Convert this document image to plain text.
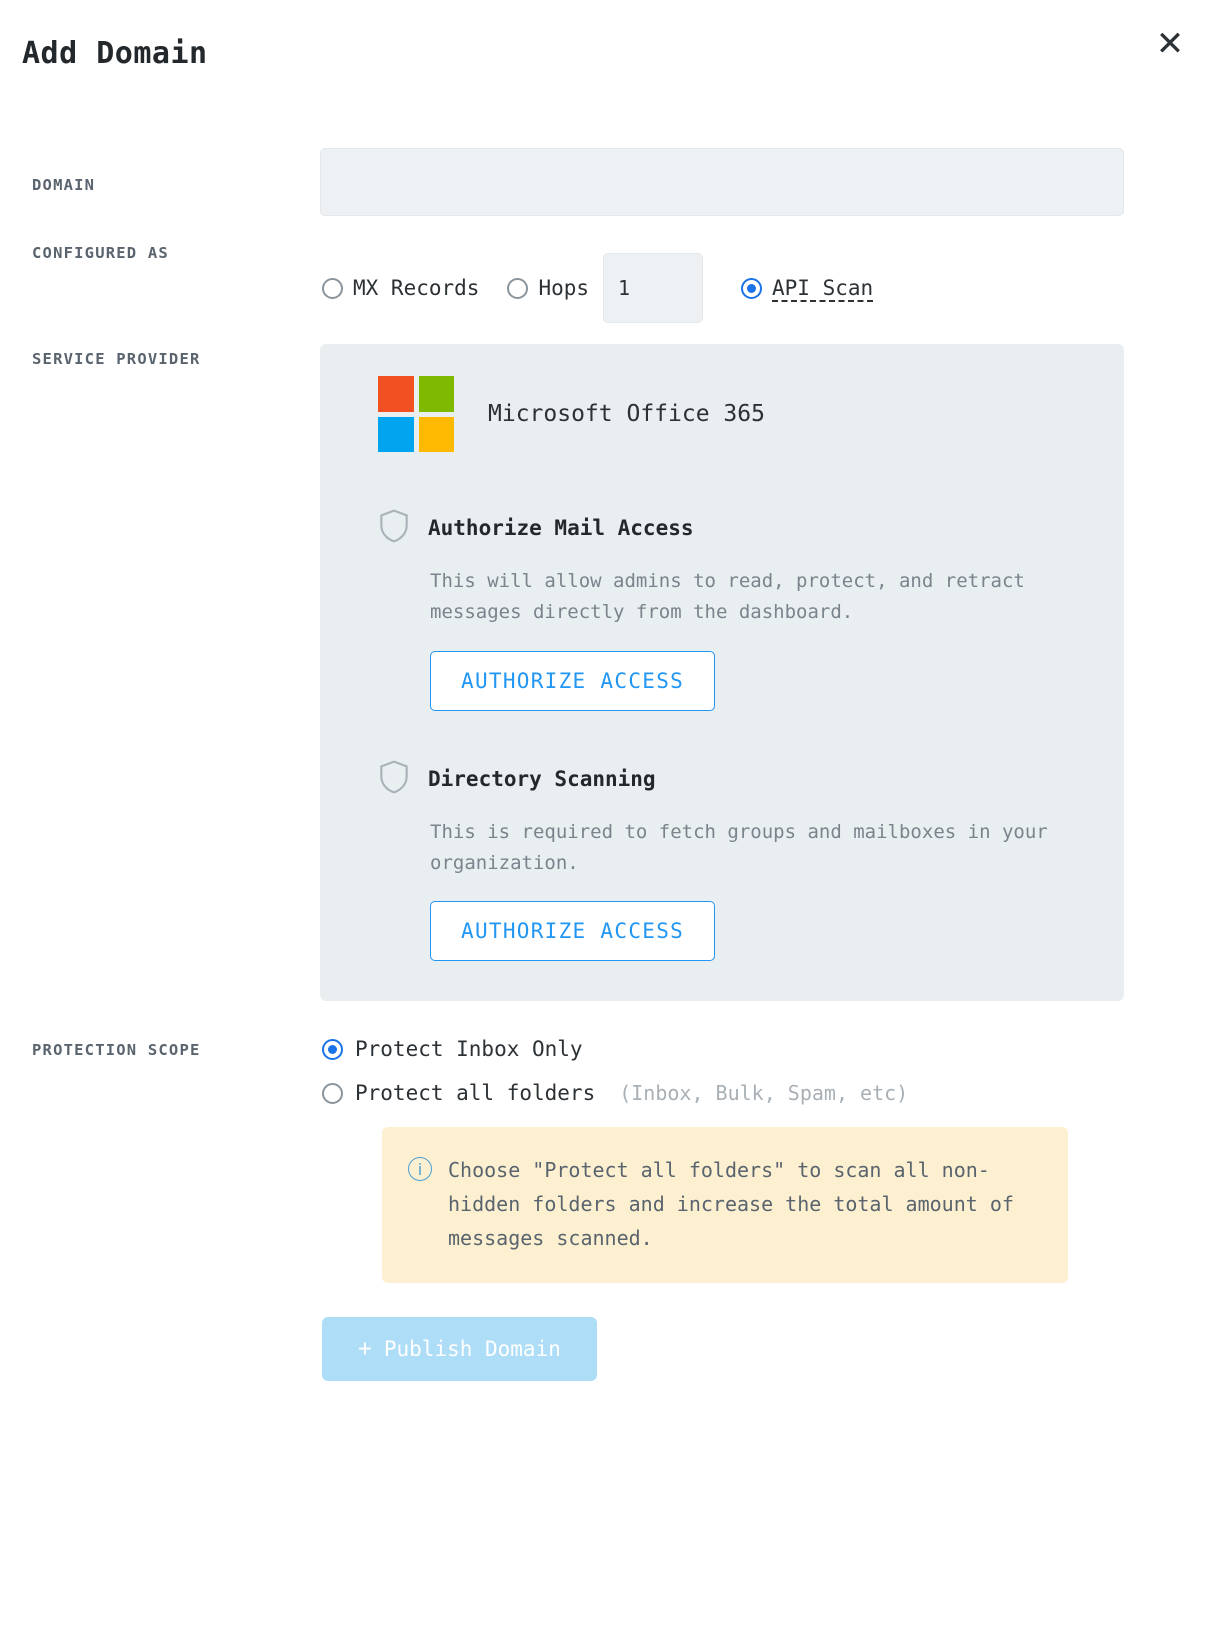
Add Domain	✕
DOMAIN
CONFIGURED AS
MX Records	Hops
1	API Scan
SERVICE PROVIDER
Microsoft Office 365
Authorize Mail Access
This will allow admins to read, protect, and retract messages directly from the dashboard.
AUTHORIZE ACCESS
Directory Scanning
This is required to fetch groups and mailboxes in your organization.
AUTHORIZE ACCESS
PROTECTION SCOPE	Protect Inbox Only
Protect all folders (Inbox, Bulk, Spam, etc)
i	Choose "Protect all folders" to scan all non-hidden folders and increase the total amount of messages scanned.
+ Publish Domain
